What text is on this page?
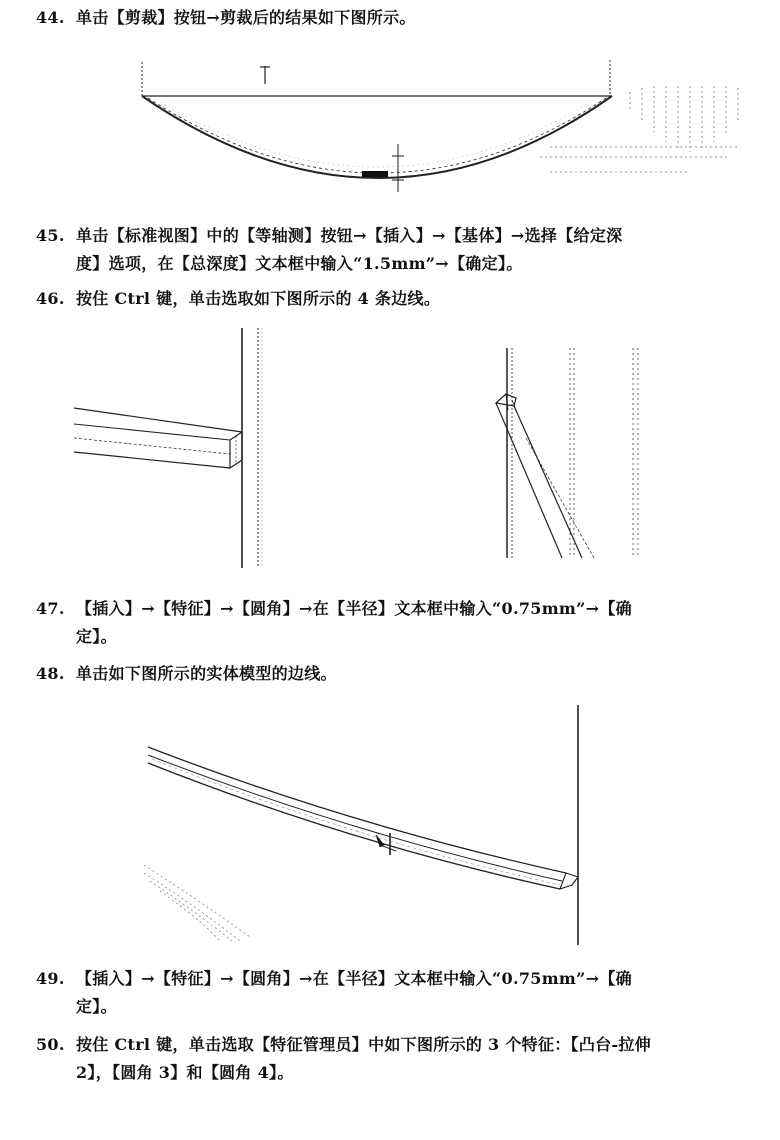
44. 单击【剪裁】按钮→剪裁后的结果如下图所示。
45. 单击【标准视图】中的【等轴测】按钮→【插入】→【基体】→选择【给定深
度】选项，在【总深度】文本框中输入“1.5mm”→【确定】。
46. 按住 Ctrl 键，单击选取如下图所示的 4 条边线。
47. 【插入】→【特征】→【圆角】→在【半径】文本框中输入“0.75mm”→【确
定】。
48. 单击如下图所示的实体模型的边线。
49. 【插入】→【特征】→【圆角】→在【半径】文本框中输入“0.75mm”→【确
定】。
50. 按住 Ctrl 键，单击选取【特征管理员】中如下图所示的 3 个特征：【凸台-拉伸
2】，【圆角 3】和【圆角 4】。
